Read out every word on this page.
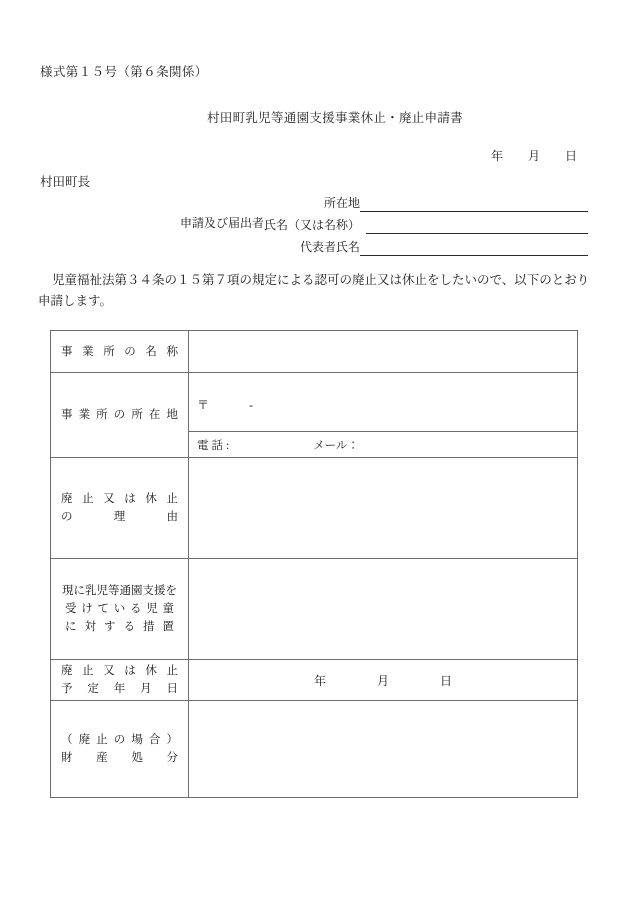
様式第１５号（第６条関係）
村田町乳児等通園支援事業休止・廃止申請書
年 月 日
村田町長
申請及び届出者
所在地
氏名（又は名称）
代表者氏名
児童福祉法第３４条の１５第７項の規定による認可の廃止又は休止をしたいので、以下のとおり申請します。
事業所の名称	

事業所の所在地	〒 -

	電話: メール：

廃止又は休止
の理由	

現に乳児等通園支援を
受けている児童
に対する措置	

廃止又は休止
予定年月日	年 月 日

（廃止の場合）
財産処分	
